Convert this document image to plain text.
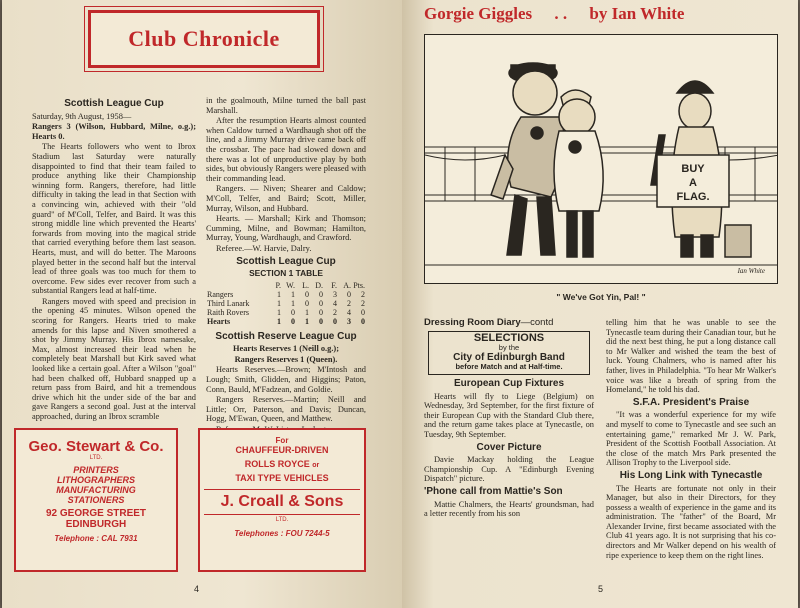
Club Chronicle
Scottish League Cup

Saturday, 9th August, 1958—

Rangers 3 (Wilson, Hubbard, Milne, o.g.); Hearts 0.

The Hearts followers who went to Ibrox Stadium last Saturday were naturally disappointed to find that their team failed to produce anything like their Championship winning form. Rangers, therefore, had little difficulty in taking the lead in that Section with a convincing win, achieved with their "old guard" of M'Coll, Telfer, and Baird. It was this strong middle line which prevented the Hearts' forwards from moving into the magical stride that carried everything before them last season. Hearts, must, and will do better. The Maroons played better in the second half but the interval lead of three goals was too much for them to overcome. Few sides ever recover from such a substantial Rangers lead at half-time.

Rangers moved with speed and precision in the opening 45 minutes. Wilson opened the scoring for Rangers. Hearts tried to make amends for this lapse and Niven smothered a shot by Jimmy Murray. His Ibrox namesake, Max, almost increased their lead when he completely beat Marshall but Kirk saved what looked like a certain goal. After a Wilson "goal" had been chalked off, Hubbard snapped up a return pass from Baird, and hit a tremendous drive which hit the under side of the bar and gave Rangers a second goal. Just at the interval approached, during an Ibrox scramble

in the goalmouth, Milne turned the ball past Marshall.

After the resumption Hearts almost counted when Caldow turned a Wardhaugh shot off the line, and a Jimmy Murray drive came back off the crossbar. The pace had slowed down and there was a lot of unproductive play by both sides, but obviously Rangers were pleased with their commanding lead.

Rangers. — Niven; Shearer and Caldow; M'Coll, Telfer, and Baird; Scott, Miller, Murray, Wilson, and Hubbard.

Hearts. — Marshall; Kirk and Thomson; Cumming, Milne, and Bowman; Hamilton, Murray, Young, Wardhaugh, and Crawford.

Referee.—W. Harvie, Dalry.

Scottish League Cup
SECTION 1 TABLE
	P.	W.	L.	D.	F.	A.	Pts.
Rangers	1	1	0	0	3	0	2
Third Lanark	1	1	0	0	4	2	2
Raith Rovers	1	0	1	0	2	4	0
Hearts	1	0	1	0	0	3	0
Scottish Reserve League Cup

Hearts Reserves 1 (Neill o.g.);

Rangers Reserves 1 (Queen).

Hearts Reserves.—Brown; M'Intosh and Lough; Smith, Glidden, and Higgins; Paton, Conn, Bauld, M'Fadzean, and Goldie.

Rangers Reserves.—Martin; Neill and Little; Orr, Paterson, and Davis; Duncan, Hogg, M'Ewan, Queen, and Matthew.

Geo. Stewart & Co.
LTD.
PRINTERS
LITHOGRAPHERS
MANUFACTURING
STATIONERS
92 GEORGE STREET
EDINBURGH
Telephone : CAL 7931
For
CHAUFFEUR-DRIVEN
ROLLS ROYCE or
TAXI TYPE VEHICLES
J. Croall & Sons
LTD.
Telephones : FOU 7244-5
4
Gorgie Giggles . . by Ian White
BUY
A
FLAG.
Ian White
" We've Got Yin, Pal! "
Dressing Room Diary—contd
SELECTIONS
by the
City of Edinburgh Band
before Match and at Half-time.
European Cup Fixtures

Hearts will fly to Liege (Belgium) on Wednesday, 3rd September, for the first fixture of their European Cup with the Standard Club there, and the return game takes place at Tynecastle, on Tuesday, 9th September.

Cover Picture

Davie Mackay holding the League Championship Cup. A "Edinburgh Evening Dispatch" picture.

'Phone call from Mattie's Son

Mattie Chalmers, the Hearts' groundsman, had a letter recently from his son

telling him that he was unable to see the Tynecastle team during their Canadian tour, but he did the next best thing, he put a long distance call to Mr Walker and wished the team the best of luck. Young Chalmers, who is named after his father, lives in Philadelphia. "To hear Mr Walker's voice was like a breath of spring from the Homeland," he told his dad.

S.F.A. President's Praise

"It was a wonderful experience for my wife and myself to come to Tynecastle and see such an entertaining game," remarked Mr J. W. Park, President of the Scottish Football Association. At the close of the match Mrs Park presented the Allison Trophy to the Liverpool side.

His Long Link with Tynecastle

The Hearts are fortunate not only in their Manager, but also in their Directors, for they possess a wealth of experience in the game and its administration. The "father" of the Board, Mr Alexander Irvine, first became associated with the Club 41 years ago. It is not surprising that his co-directors and Mr Walker depend on his wealth of ripe experience to keep them on the right lines.

5
